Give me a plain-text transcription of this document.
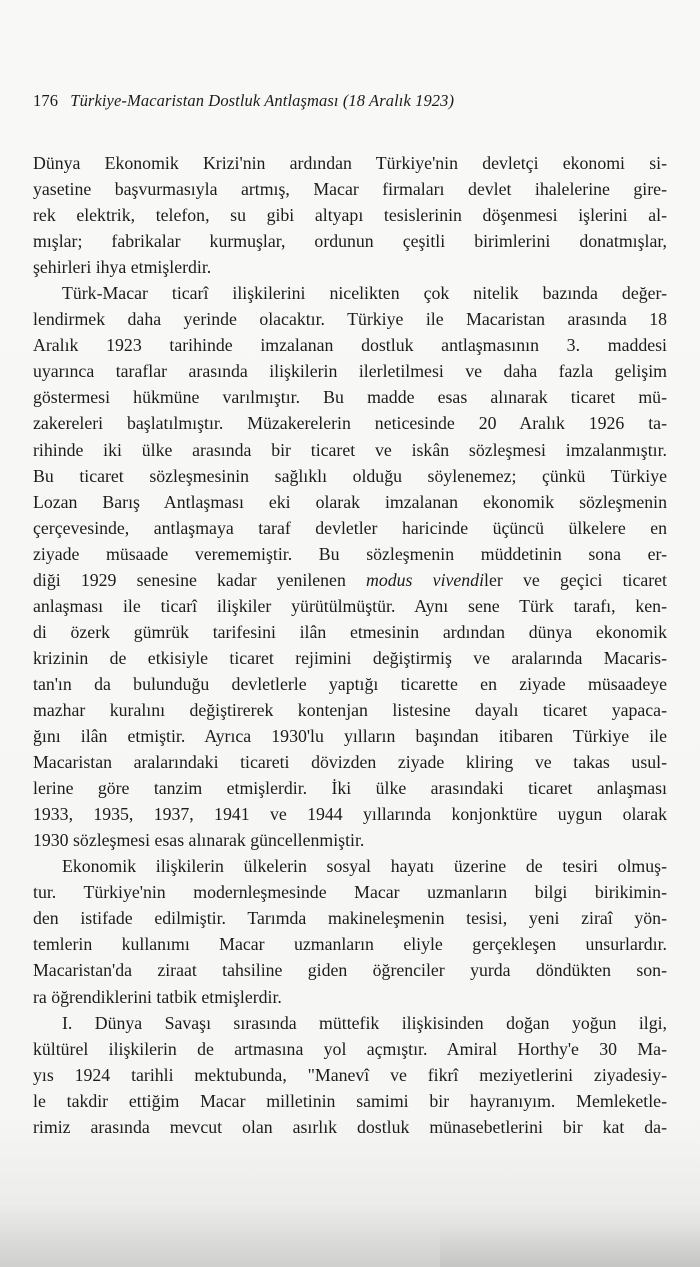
176 Türkiye-Macaristan Dostluk Antlaşması (18 Aralık 1923)
Dünya Ekonomik Krizi'nin ardından Türkiye'nin devletçi ekonomi si-
yasetine başvurmasıyla artmış, Macar firmaları devlet ihalelerine gire-
rek elektrik, telefon, su gibi altyapı tesislerinin döşenmesi işlerini al-
mışlar; fabrikalar kurmuşlar, ordunun çeşitli birimlerini donatmışlar,
şehirleri ihya etmişlerdir.
Türk-Macar ticarî ilişkilerini nicelikten çok nitelik bazında değer-
lendirmek daha yerinde olacaktır. Türkiye ile Macaristan arasında 18
Aralık 1923 tarihinde imzalanan dostluk antlaşmasının 3. maddesi
uyarınca taraflar arasında ilişkilerin ilerletilmesi ve daha fazla gelişim
göstermesi hükmüne varılmıştır. Bu madde esas alınarak ticaret mü-
zakereleri başlatılmıştır. Müzakerelerin neticesinde 20 Aralık 1926 ta-
rihinde iki ülke arasında bir ticaret ve iskân sözleşmesi imzalanmıştır.
Bu ticaret sözleşmesinin sağlıklı olduğu söylenemez; çünkü Türkiye
Lozan Barış Antlaşması eki olarak imzalanan ekonomik sözleşmenin
çerçevesinde, antlaşmaya taraf devletler haricinde üçüncü ülkelere en
ziyade müsaade verememiştir. Bu sözleşmenin müddetinin sona er-
diği 1929 senesine kadar yenilenen modus vivendiler ve geçici ticaret
anlaşması ile ticarî ilişkiler yürütülmüştür. Aynı sene Türk tarafı, ken-
di özerk gümrük tarifesini ilân etmesinin ardından dünya ekonomik
krizinin de etkisiyle ticaret rejimini değiştirmiş ve aralarında Macaris-
tan'ın da bulunduğu devletlerle yaptığı ticarette en ziyade müsaadeye
mazhar kuralını değiştirerek kontenjan listesine dayalı ticaret yapaca-
ğını ilân etmiştir. Ayrıca 1930'lu yılların başından itibaren Türkiye ile
Macaristan aralarındaki ticareti dövizden ziyade kliring ve takas usul-
lerine göre tanzim etmişlerdir. İki ülke arasındaki ticaret anlaşması
1933, 1935, 1937, 1941 ve 1944 yıllarında konjonktüre uygun olarak
1930 sözleşmesi esas alınarak güncellenmiştir.
Ekonomik ilişkilerin ülkelerin sosyal hayatı üzerine de tesiri olmuş-
tur. Türkiye'nin modernleşmesinde Macar uzmanların bilgi birikimin-
den istifade edilmiştir. Tarımda makineleşmenin tesisi, yeni ziraî yön-
temlerin kullanımı Macar uzmanların eliyle gerçekleşen unsurlardır.
Macaristan'da ziraat tahsiline giden öğrenciler yurda döndükten son-
ra öğrendiklerini tatbik etmişlerdir.
I. Dünya Savaşı sırasında müttefik ilişkisinden doğan yoğun ilgi,
kültürel ilişkilerin de artmasına yol açmıştır. Amiral Horthy'e 30 Ma-
yıs 1924 tarihli mektubunda, "Manevî ve fikrî meziyetlerini ziyadesiy-
le takdir ettiğim Macar milletinin samimi bir hayranıyım. Memleketle-
rimiz arasında mevcut olan asırlık dostluk münasebetlerini bir kat da-
